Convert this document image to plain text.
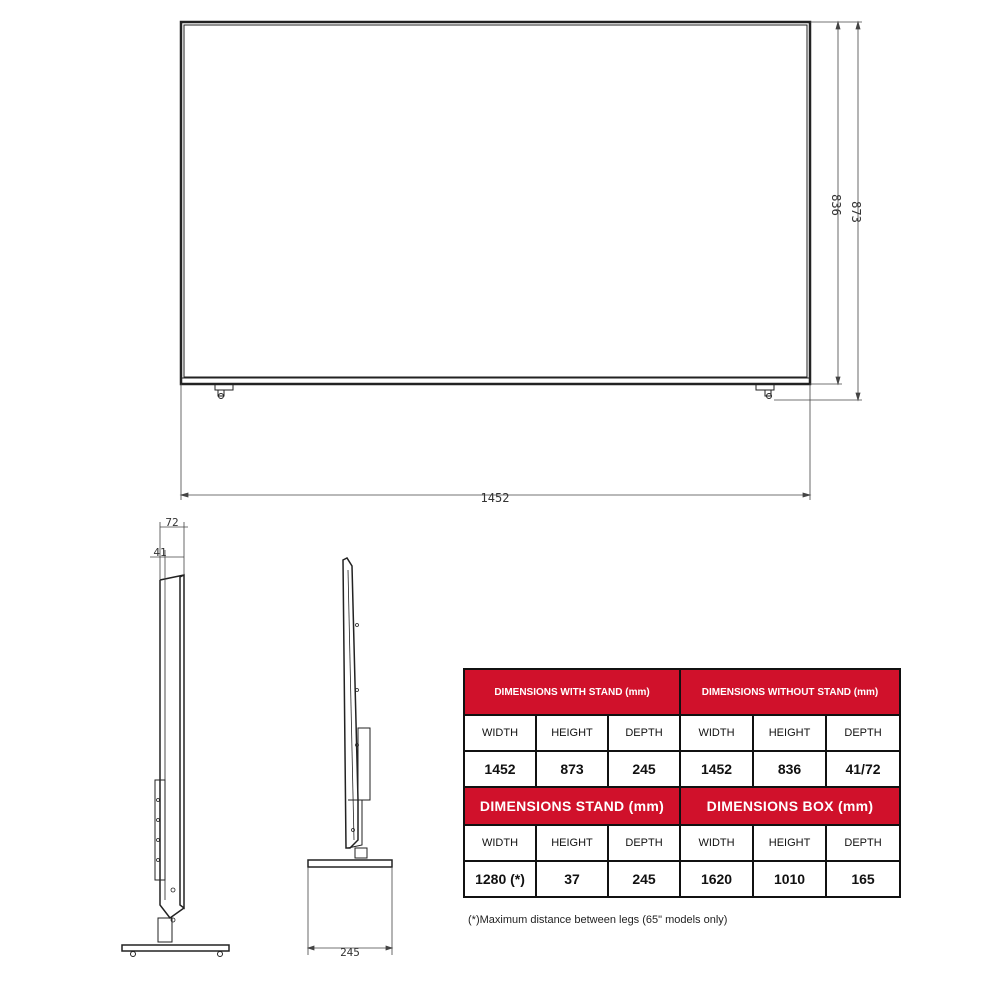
836 873
1452
72
41
245
DIMENSIONS WITH STAND (mm)			DIMENSIONS WITHOUT STAND (mm)		
WIDTH	HEIGHT	DEPTH	WIDTH	HEIGHT	DEPTH
1452	873	245	1452	836	41/72
DIMENSIONS STAND (mm)			DIMENSIONS BOX (mm)		
WIDTH	HEIGHT	DEPTH	WIDTH	HEIGHT	DEPTH
1280 (*)	37	245	1620	1010	165
(*)Maximum distance between legs (65" models only)
